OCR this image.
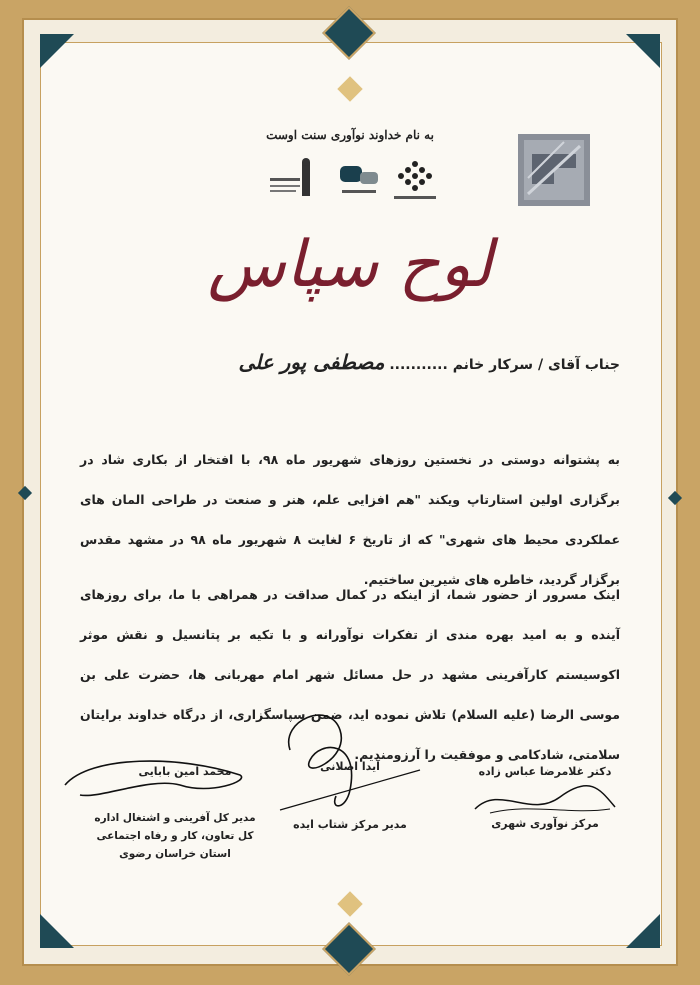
به نام خداوند نوآوری سنت اوست
لوح سپاس
جناب آقای / سرکار خانم ........... مصطفی پور علی
به پشتوانه دوستی در نخستین روزهای شهریور ماه ۹۸، با افتخار از بکاری شاد در برگزاری اولین استارتاپ ویکند "هم افزایی علم، هنر و صنعت در طراحی المان های عملکردی محیط های شهری" که از تاریخ ۶ لغایت ۸ شهریور ماه ۹۸ در مشهد مقدس برگزار گردید، خاطره های شیرین ساختیم.
اینک مسرور از حضور شما، از اینکه در کمال صداقت در همراهی با ما، برای روزهای آینده و به امید بهره مندی از تفکرات نوآورانه و با تکیه بر پتانسیل و نقش موثر اکوسیستم کارآفرینی مشهد در حل مسائل شهر امام مهربانی ها، حضرت علی بن موسی الرضا (علیه السلام) تلاش نموده اید، ضمن سپاسگزاری، از درگاه خداوند برایتان سلامتی، شادکامی و موفقیت را آرزومندیم.
دکتر غلامرضا عباس زاده
مرکز نوآوری شهری
آیدا اصلانی
مدیر مرکز شتاب ایده
محمد امین بابایی
مدیر کل آفرینی و اشتغال اداره کل تعاون، کار و رفاه اجتماعی استان خراسان رضوی
